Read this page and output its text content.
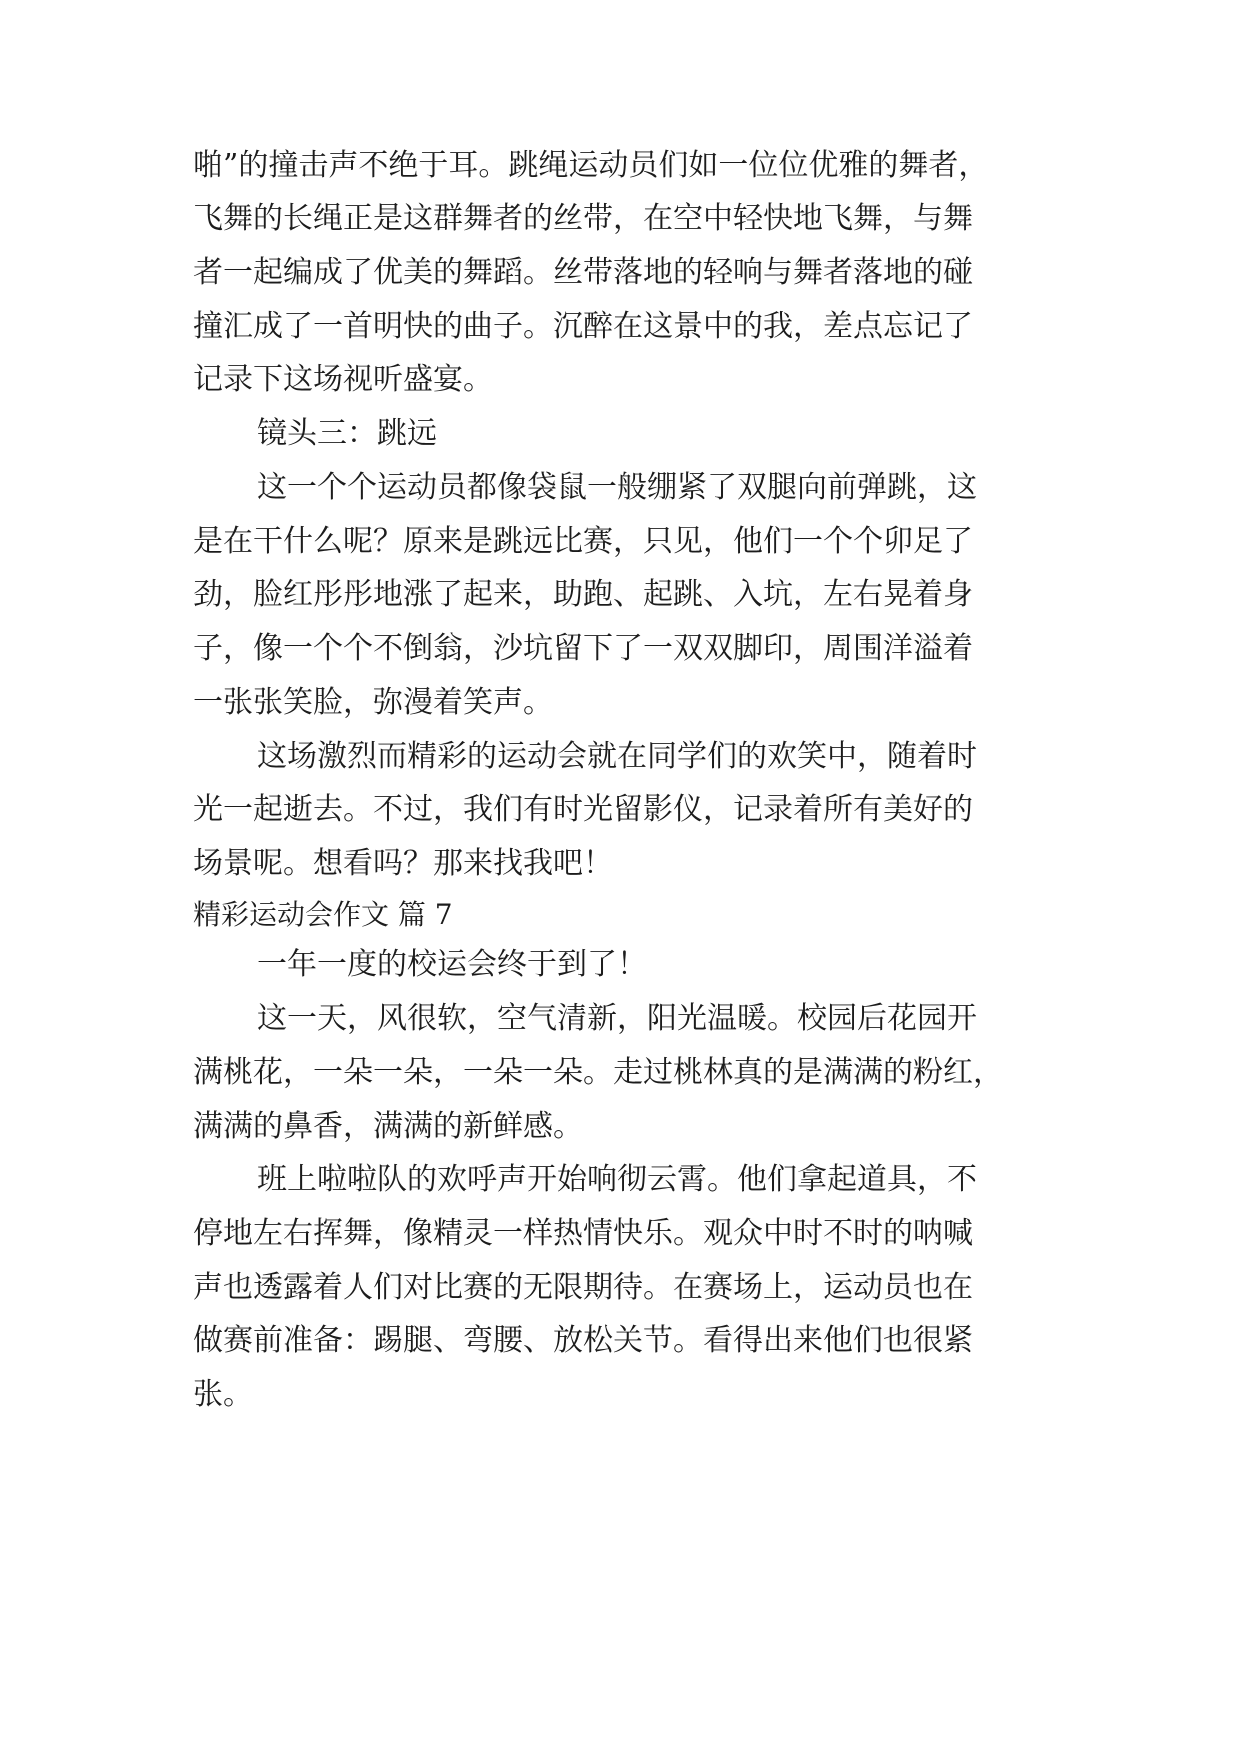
啪”的撞击声不绝于耳。跳绳运动员们如一位位优雅的舞者，
飞舞的长绳正是这群舞者的丝带，在空中轻快地飞舞，与舞
者一起编成了优美的舞蹈。丝带落地的轻响与舞者落地的碰
撞汇成了一首明快的曲子。沉醉在这景中的我，差点忘记了
记录下这场视听盛宴。
镜头三：跳远
这一个个运动员都像袋鼠一般绷紧了双腿向前弹跳，这
是在干什么呢？原来是跳远比赛，只见，他们一个个卯足了
劲，脸红彤彤地涨了起来，助跑、起跳、入坑，左右晃着身
子，像一个个不倒翁，沙坑留下了一双双脚印，周围洋溢着
一张张笑脸，弥漫着笑声。
这场激烈而精彩的运动会就在同学们的欢笑中，随着时
光一起逝去。不过，我们有时光留影仪，记录着所有美好的
场景呢。想看吗？那来找我吧！
精彩运动会作文 篇 7
一年一度的校运会终于到了！
这一天，风很软，空气清新，阳光温暖。校园后花园开
满桃花，一朵一朵，一朵一朵。走过桃林真的是满满的粉红，
满满的鼻香，满满的新鲜感。
班上啦啦队的欢呼声开始响彻云霄。他们拿起道具，不
停地左右挥舞，像精灵一样热情快乐。观众中时不时的呐喊
声也透露着人们对比赛的无限期待。在赛场上，运动员也在
做赛前准备：踢腿、弯腰、放松关节。看得出来他们也很紧
张。
